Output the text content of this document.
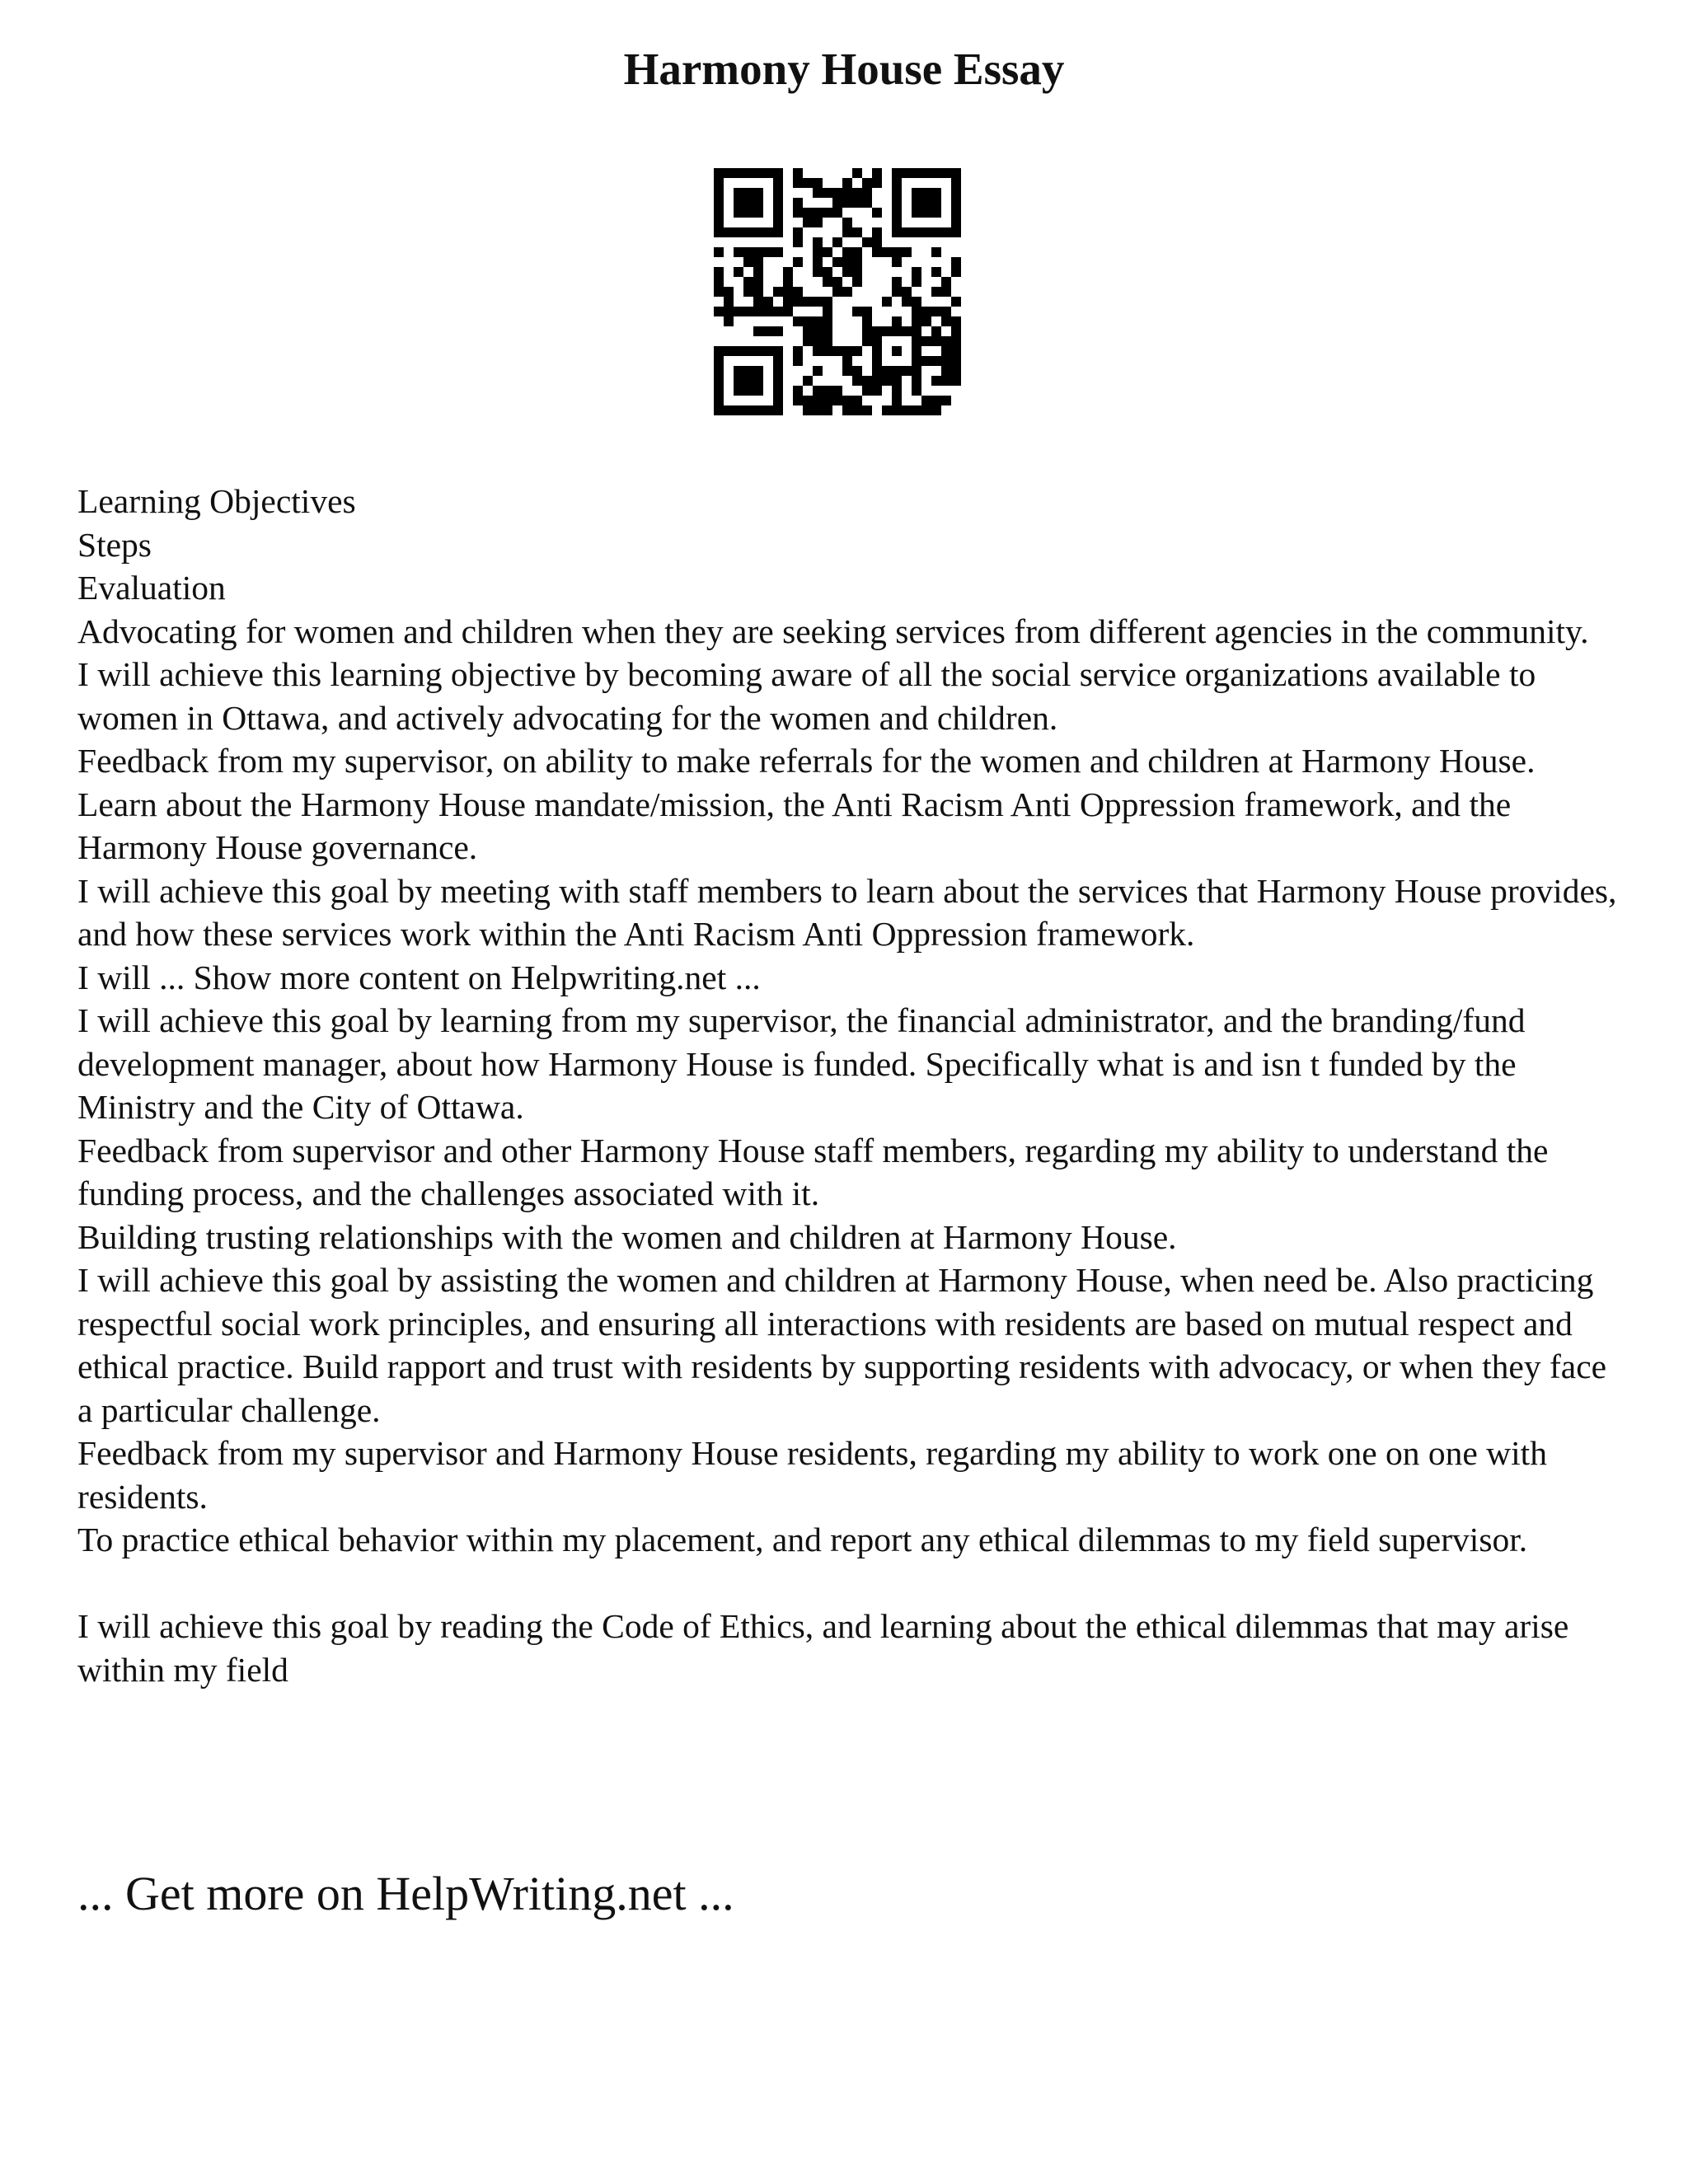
Harmony House Essay

Learning Objectives

Steps

Evaluation

Advocating for women and children when they are seeking services from different agencies in the community.

I will achieve this learning objective by becoming aware of all the social service organizations available to women in Ottawa, and actively advocating for the women and children.

Feedback from my supervisor, on ability to make referrals for the women and children at Harmony House.

Learn about the Harmony House mandate/mission, the Anti Racism Anti Oppression framework, and the Harmony House governance.

I will achieve this goal by meeting with staff members to learn about the services that Harmony House provides, and how these services work within the Anti Racism Anti Oppression framework.

I will ... Show more content on Helpwriting.net ...

I will achieve this goal by learning from my supervisor, the financial administrator, and the branding/fund development manager, about how Harmony House is funded. Specifically what is and isn t funded by the Ministry and the City of Ottawa.

Feedback from supervisor and other Harmony House staff members, regarding my ability to understand the funding process, and the challenges associated with it.

Building trusting relationships with the women and children at Harmony House.

I will achieve this goal by assisting the women and children at Harmony House, when need be. Also practicing respectful social work principles, and ensuring all interactions with residents are based on mutual respect and ethical practice. Build rapport and trust with residents by supporting residents with advocacy, or when they face a particular challenge.

Feedback from my supervisor and Harmony House residents, regarding my ability to work one on one with residents.

To practice ethical behavior within my placement, and report any ethical dilemmas to my field supervisor.

I will achieve this goal by reading the Code of Ethics, and learning about the ethical dilemmas that may arise within my field

... Get more on HelpWriting.net ...
